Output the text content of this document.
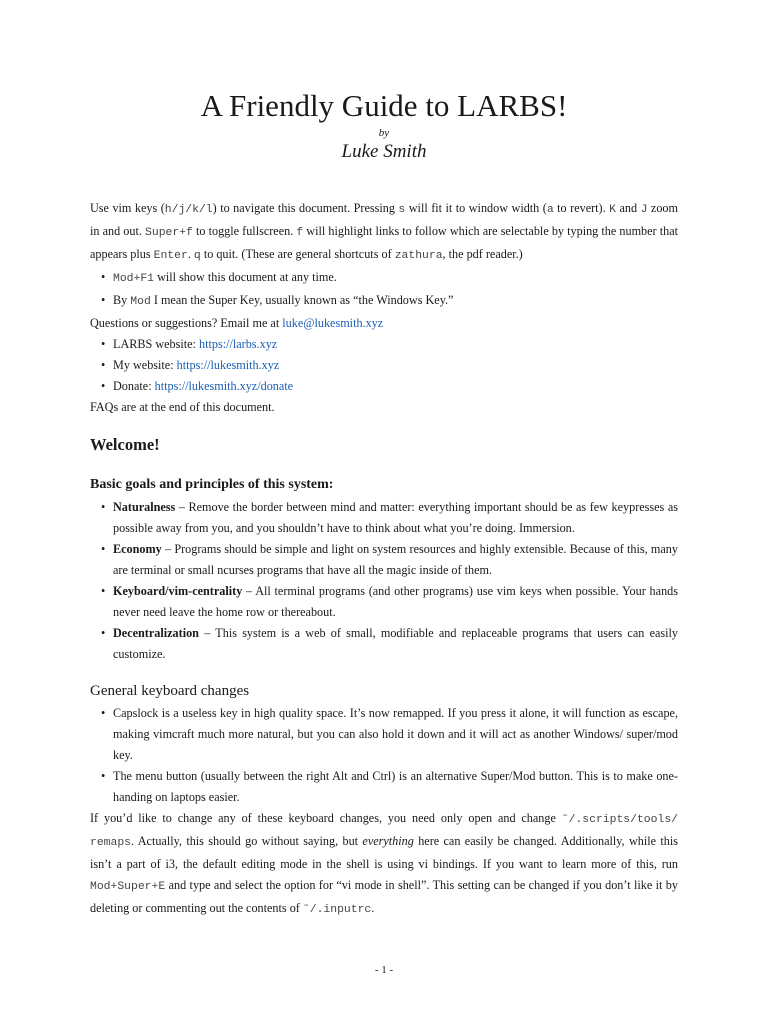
A Friendly Guide to LARBS!
by
Luke Smith

Use vim keys (h/j/k/l) to navigate this document. Pressing s will fit it to window width (a to revert). K and J zoom in and out. Super+f to toggle fullscreen. f will highlight links to follow which are selectable by typing the number that appears plus Enter. q to quit. (These are general shortcuts of zathura, the pdf reader.)

• Mod+F1 will show this document at any time.
• By Mod I mean the Super Key, usually known as “the Windows Key.”

Questions or suggestions? Email me at luke@lukesmith.xyz

• LARBS website: https://larbs.xyz
• My website: https://lukesmith.xyz
• Donate: https://lukesmith.xyz/donate

FAQs are at the end of this document.

Welcome!
Basic goals and principles of this system:
• Naturalness – Remove the border between mind and matter: everything important should be as few keypresses as possible away from you, and you shouldn’t have to think about what you’re doing. Immersion.
• Economy – Programs should be simple and light on system resources and highly extensible. Because of this, many are terminal or small ncurses programs that have all the magic inside of them.
• Keyboard/vim-centrality – All terminal programs (and other programs) use vim keys when possible. Your hands never need leave the home row or thereabout.
• Decentralization – This system is a web of small, modifiable and replaceable programs that users can easily customize.
General keyboard changes
• Capslock is a useless key in high quality space. It’s now remapped. If you press it alone, it will function as escape, making vimcraft much more natural, but you can also hold it down and it will act as another Windows/ super/mod key.
• The menu button (usually between the right Alt and Ctrl) is an alternative Super/Mod button. This is to make one-handing on laptops easier.

If you’d like to change any of these keyboard changes, you need only open and change ˜/.scripts/tools/ remaps. Actually, this should go without saying, but everything here can easily be changed. Additionally, while this isn’t a part of i3, the default editing mode in the shell is using vi bindings. If you want to learn more of this, run Mod+Super+E and type and select the option for “vi mode in shell”. This setting can be changed if you don’t like it by deleting or commenting out the contents of ˜/.inputrc.

- 1 -
